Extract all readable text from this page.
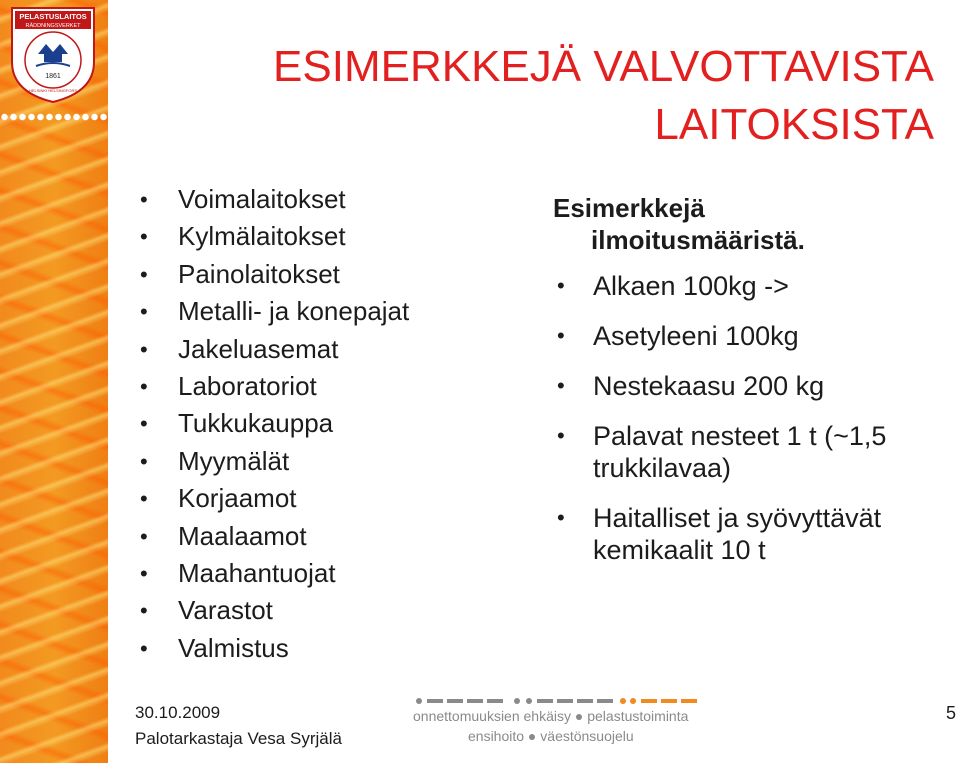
PELASTUSLAITOS
RÄDDNINGSVERKET
1861
HELSINKI HELSINGFORS	ESIMERKKEJÄ VALVOTTAVISTA
LAITOKSISTA
• Voimalaitokset
• Kylmälaitokset
• Painolaitokset
• Metalli- ja konepajat
• Jakeluasemat
• Laboratoriot
• Tukkukauppa
• Myymälät
• Korjaamot
• Maalaamot
• Maahantuojat
• Varastot
• Valmistus
Esimerkkejä
ilmoitusmääristä.
• Alkaen 100kg ->
• Asetyleeni 100kg
• Nestekaasu 200 kg
• Palavat nesteet 1 t (~1,5
trukkilavaa)
• Haitalliset ja syövyttävät
kemikaalit 10 t
30.10.2009
Palotarkastaja Vesa Syrjälä
onnettomuuksien ehkäisy ● pelastustoiminta
ensihoito ● väestönsuojelu
5
